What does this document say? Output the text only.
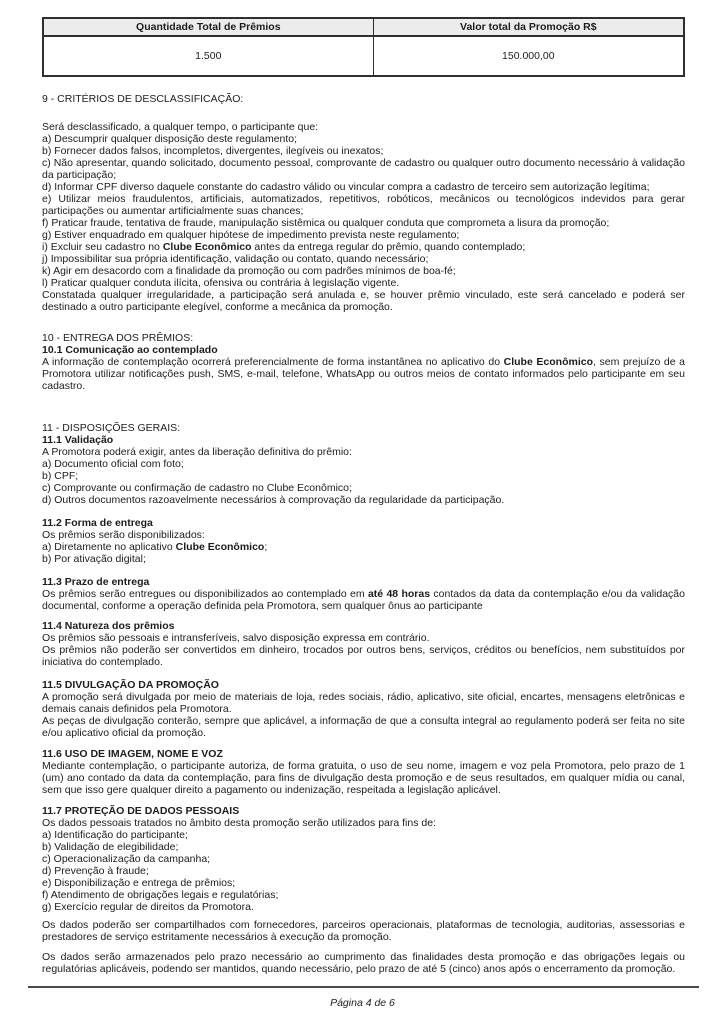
Quantidade Total de Prêmios	Valor total da Promoção R$
1.500	150.000,00
9 - CRITÉRIOS DE DESCLASSIFICAÇÃO:
Será desclassificado, a qualquer tempo, o participante que:
a) Descumprir qualquer disposição deste regulamento;
b) Fornecer dados falsos, incompletos, divergentes, ilegíveis ou inexatos;
c) Não apresentar, quando solicitado, documento pessoal, comprovante de cadastro ou qualquer outro documento necessário à validação da participação;
d) Informar CPF diverso daquele constante do cadastro válido ou vincular compra a cadastro de terceiro sem autorização legítima;
e) Utilizar meios fraudulentos, artificiais, automatizados, repetitivos, robóticos, mecânicos ou tecnológicos indevidos para gerar participações ou aumentar artificialmente suas chances;
f) Praticar fraude, tentativa de fraude, manipulação sistêmica ou qualquer conduta que comprometa a lisura da promoção;
g) Estiver enquadrado em qualquer hipótese de impedimento prevista neste regulamento;
i) Excluir seu cadastro no Clube Econômico antes da entrega regular do prêmio, quando contemplado;
j) Impossibilitar sua própria identificação, validação ou contato, quando necessário;
k) Agir em desacordo com a finalidade da promoção ou com padrões mínimos de boa-fé;
l) Praticar qualquer conduta ilícita, ofensiva ou contrária à legislação vigente.
Constatada qualquer irregularidade, a participação será anulada e, se houver prêmio vinculado, este será cancelado e poderá ser destinado a outro participante elegível, conforme a mecânica da promoção.
10 - ENTREGA DOS PRÊMIOS:
10.1 Comunicação ao contemplado
A informação de contemplação ocorrerá preferencialmente de forma instantânea no aplicativo do Clube Econômico, sem prejuízo de a Promotora utilizar notificações push, SMS, e-mail, telefone, WhatsApp ou outros meios de contato informados pelo participante em seu cadastro.
11 - DISPOSIÇÕES GERAIS:
11.1 Validação
A Promotora poderá exigir, antes da liberação definitiva do prêmio:
a) Documento oficial com foto;
b) CPF;
c) Comprovante ou confirmação de cadastro no Clube Econômico;
d) Outros documentos razoavelmente necessários à comprovação da regularidade da participação.
11.2 Forma de entrega
Os prêmios serão disponibilizados:
a) Diretamente no aplicativo Clube Econômico;
b) Por ativação digital;
11.3 Prazo de entrega
Os prêmios serão entregues ou disponibilizados ao contemplado em até 48 horas contados da data da contemplação e/ou da validação documental, conforme a operação definida pela Promotora, sem qualquer ônus ao participante
11.4 Natureza dos prêmios
Os prêmios são pessoais e intransferíveis, salvo disposição expressa em contrário.
Os prêmios não poderão ser convertidos em dinheiro, trocados por outros bens, serviços, créditos ou benefícios, nem substituídos por iniciativa do contemplado.
11.5 DIVULGAÇÃO DA PROMOÇÃO
A promoção será divulgada por meio de materiais de loja, redes sociais, rádio, aplicativo, site oficial, encartes, mensagens eletrônicas e demais canais definidos pela Promotora.
As peças de divulgação conterão, sempre que aplicável, a informação de que a consulta integral ao regulamento poderá ser feita no site e/ou aplicativo oficial da promoção.
11.6 USO DE IMAGEM, NOME E VOZ
Mediante contemplação, o participante autoriza, de forma gratuita, o uso de seu nome, imagem e voz pela Promotora, pelo prazo de 1 (um) ano contado da data da contemplação, para fins de divulgação desta promoção e de seus resultados, em qualquer mídia ou canal, sem que isso gere qualquer direito a pagamento ou indenização, respeitada a legislação aplicável.
11.7 PROTEÇÃO DE DADOS PESSOAIS
Os dados pessoais tratados no âmbito desta promoção serão utilizados para fins de:
a) Identificação do participante;
b) Validação de elegibilidade;
c) Operacionalização da campanha;
d) Prevenção à fraude;
e) Disponibilização e entrega de prêmios;
f) Atendimento de obrigações legais e regulatórias;
g) Exercício regular de direitos da Promotora.
Os dados poderão ser compartilhados com fornecedores, parceiros operacionais, plataformas de tecnologia, auditorias, assessorias e prestadores de serviço estritamente necessários à execução da promoção.
Os dados serão armazenados pelo prazo necessário ao cumprimento das finalidades desta promoção e das obrigações legais ou regulatórias aplicáveis, podendo ser mantidos, quando necessário, pelo prazo de até 5 (cinco) anos após o encerramento da promoção.
Página 4 de 6
